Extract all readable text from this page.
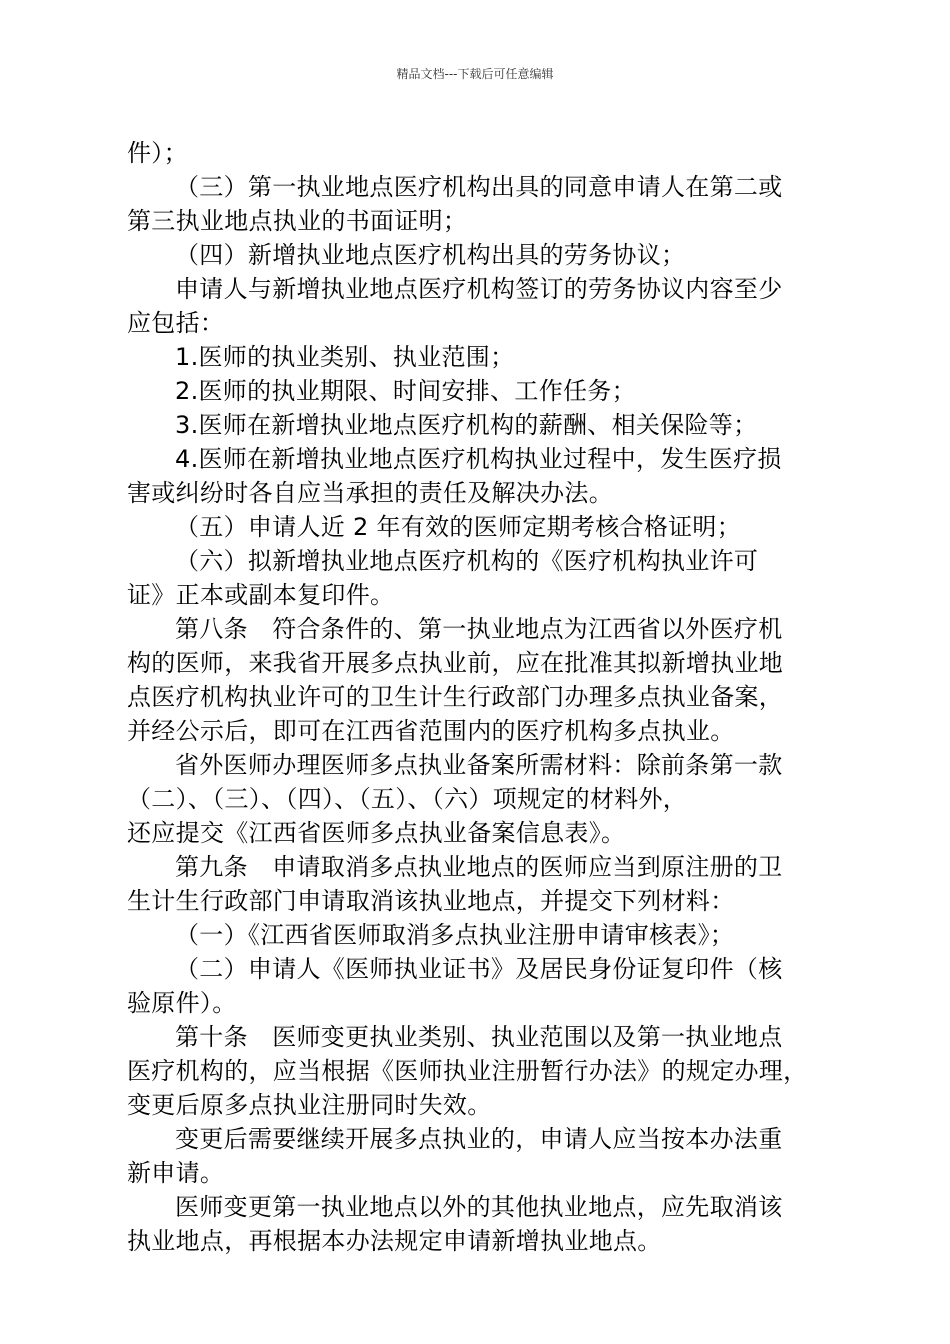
精品文档---下载后可任意编辑

件）；

（三）第一执业地点医疗机构出具的同意申请人在第二或

第三执业地点执业的书面证明；

（四）新增执业地点医疗机构出具的劳务协议；

申请人与新增执业地点医疗机构签订的劳务协议内容至少

应包括：

1.医师的执业类别、执业范围；

2.医师的执业期限、时间安排、工作任务；

3.医师在新增执业地点医疗机构的薪酬、相关保险等；

4.医师在新增执业地点医疗机构执业过程中，发生医疗损

害或纠纷时各自应当承担的责任及解决办法。

（五）申请人近 2 年有效的医师定期考核合格证明；

（六）拟新增执业地点医疗机构的《医疗机构执业许可

证》正本或副本复印件。

第八条　符合条件的、第一执业地点为江西省以外医疗机

构的医师，来我省开展多点执业前，应在批准其拟新增执业地

点医疗机构执业许可的卫生计生行政部门办理多点执业备案，

并经公示后，即可在江西省范围内的医疗机构多点执业。

省外医师办理医师多点执业备案所需材料：除前条第一款

（二）、（三）、（四）、（五）、（六）项规定的材料外，

还应提交《江西省医师多点执业备案信息表》。

第九条　申请取消多点执业地点的医师应当到原注册的卫

生计生行政部门申请取消该执业地点，并提交下列材料：

（一）《江西省医师取消多点执业注册申请审核表》；

（二）申请人《医师执业证书》及居民身份证复印件（核

验原件）。

第十条　医师变更执业类别、执业范围以及第一执业地点

医疗机构的，应当根据《医师执业注册暂行办法》的规定办理，

变更后原多点执业注册同时失效。

变更后需要继续开展多点执业的，申请人应当按本办法重

新申请。

医师变更第一执业地点以外的其他执业地点，应先取消该

执业地点，再根据本办法规定申请新增执业地点。
